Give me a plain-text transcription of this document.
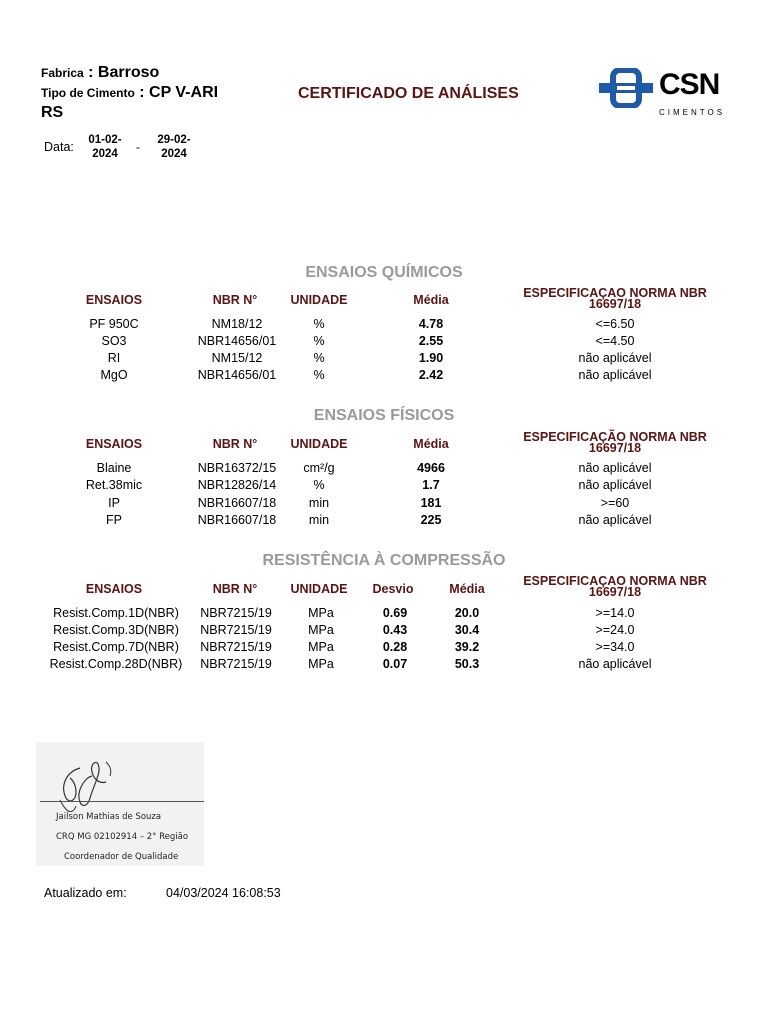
Fabrica : Barroso
Tipo de Cimento : CP V-ARI
RS
Data:	01-02-
2024	-	29-02-
2024
CERTIFICADO DE ANÁLISES	CSN
CIMENTOS
ENSAIOS QUÍMICOS
ENSAIOS	NBR N°	UNIDADE	Média	ESPECIFICAÇAO NORMA NBR
16697/18
PF 950C	NM18/12	%	4.78	<=6.50
SO3	NBR14656/01	%	2.55	<=4.50
RI	NM15/12	%	1.90	não aplicável
MgO	NBR14656/01	%	2.42	não aplicável
ENSAIOS FÍSICOS
ENSAIOS	NBR N°	UNIDADE	Média	ESPECIFICAÇÃO NORMA NBR
16697/18
Blaine	NBR16372/15	cm²/g	4966	não aplicável
Ret.38mic	NBR12826/14	%	1.7	não aplicável
IP	NBR16607/18	min	181	>=60
FP	NBR16607/18	min	225	não aplicável
RESISTÊNCIA À COMPRESSÃO
ENSAIOS	NBR N°	UNIDADE	Desvio	Média
ESPECIFICAÇAO NORMA NBR
16697/18
Resist.Comp.1D(NBR)	NBR7215/19	MPa	0.69	20.0	>=14.0
Resist.Comp.3D(NBR)	NBR7215/19	MPa	0.43	30.4	>=24.0
Resist.Comp.7D(NBR)	NBR7215/19	MPa	0.28	39.2	>=34.0
Resist.Comp.28D(NBR)	NBR7215/19	MPa	0.07	50.3	não aplicável
Jailson Mathias de Souza
CRQ MG 02102914 – 2° Região
Coordenador de Qualidade
Atualizado em:	04/03/2024 16:08:53
